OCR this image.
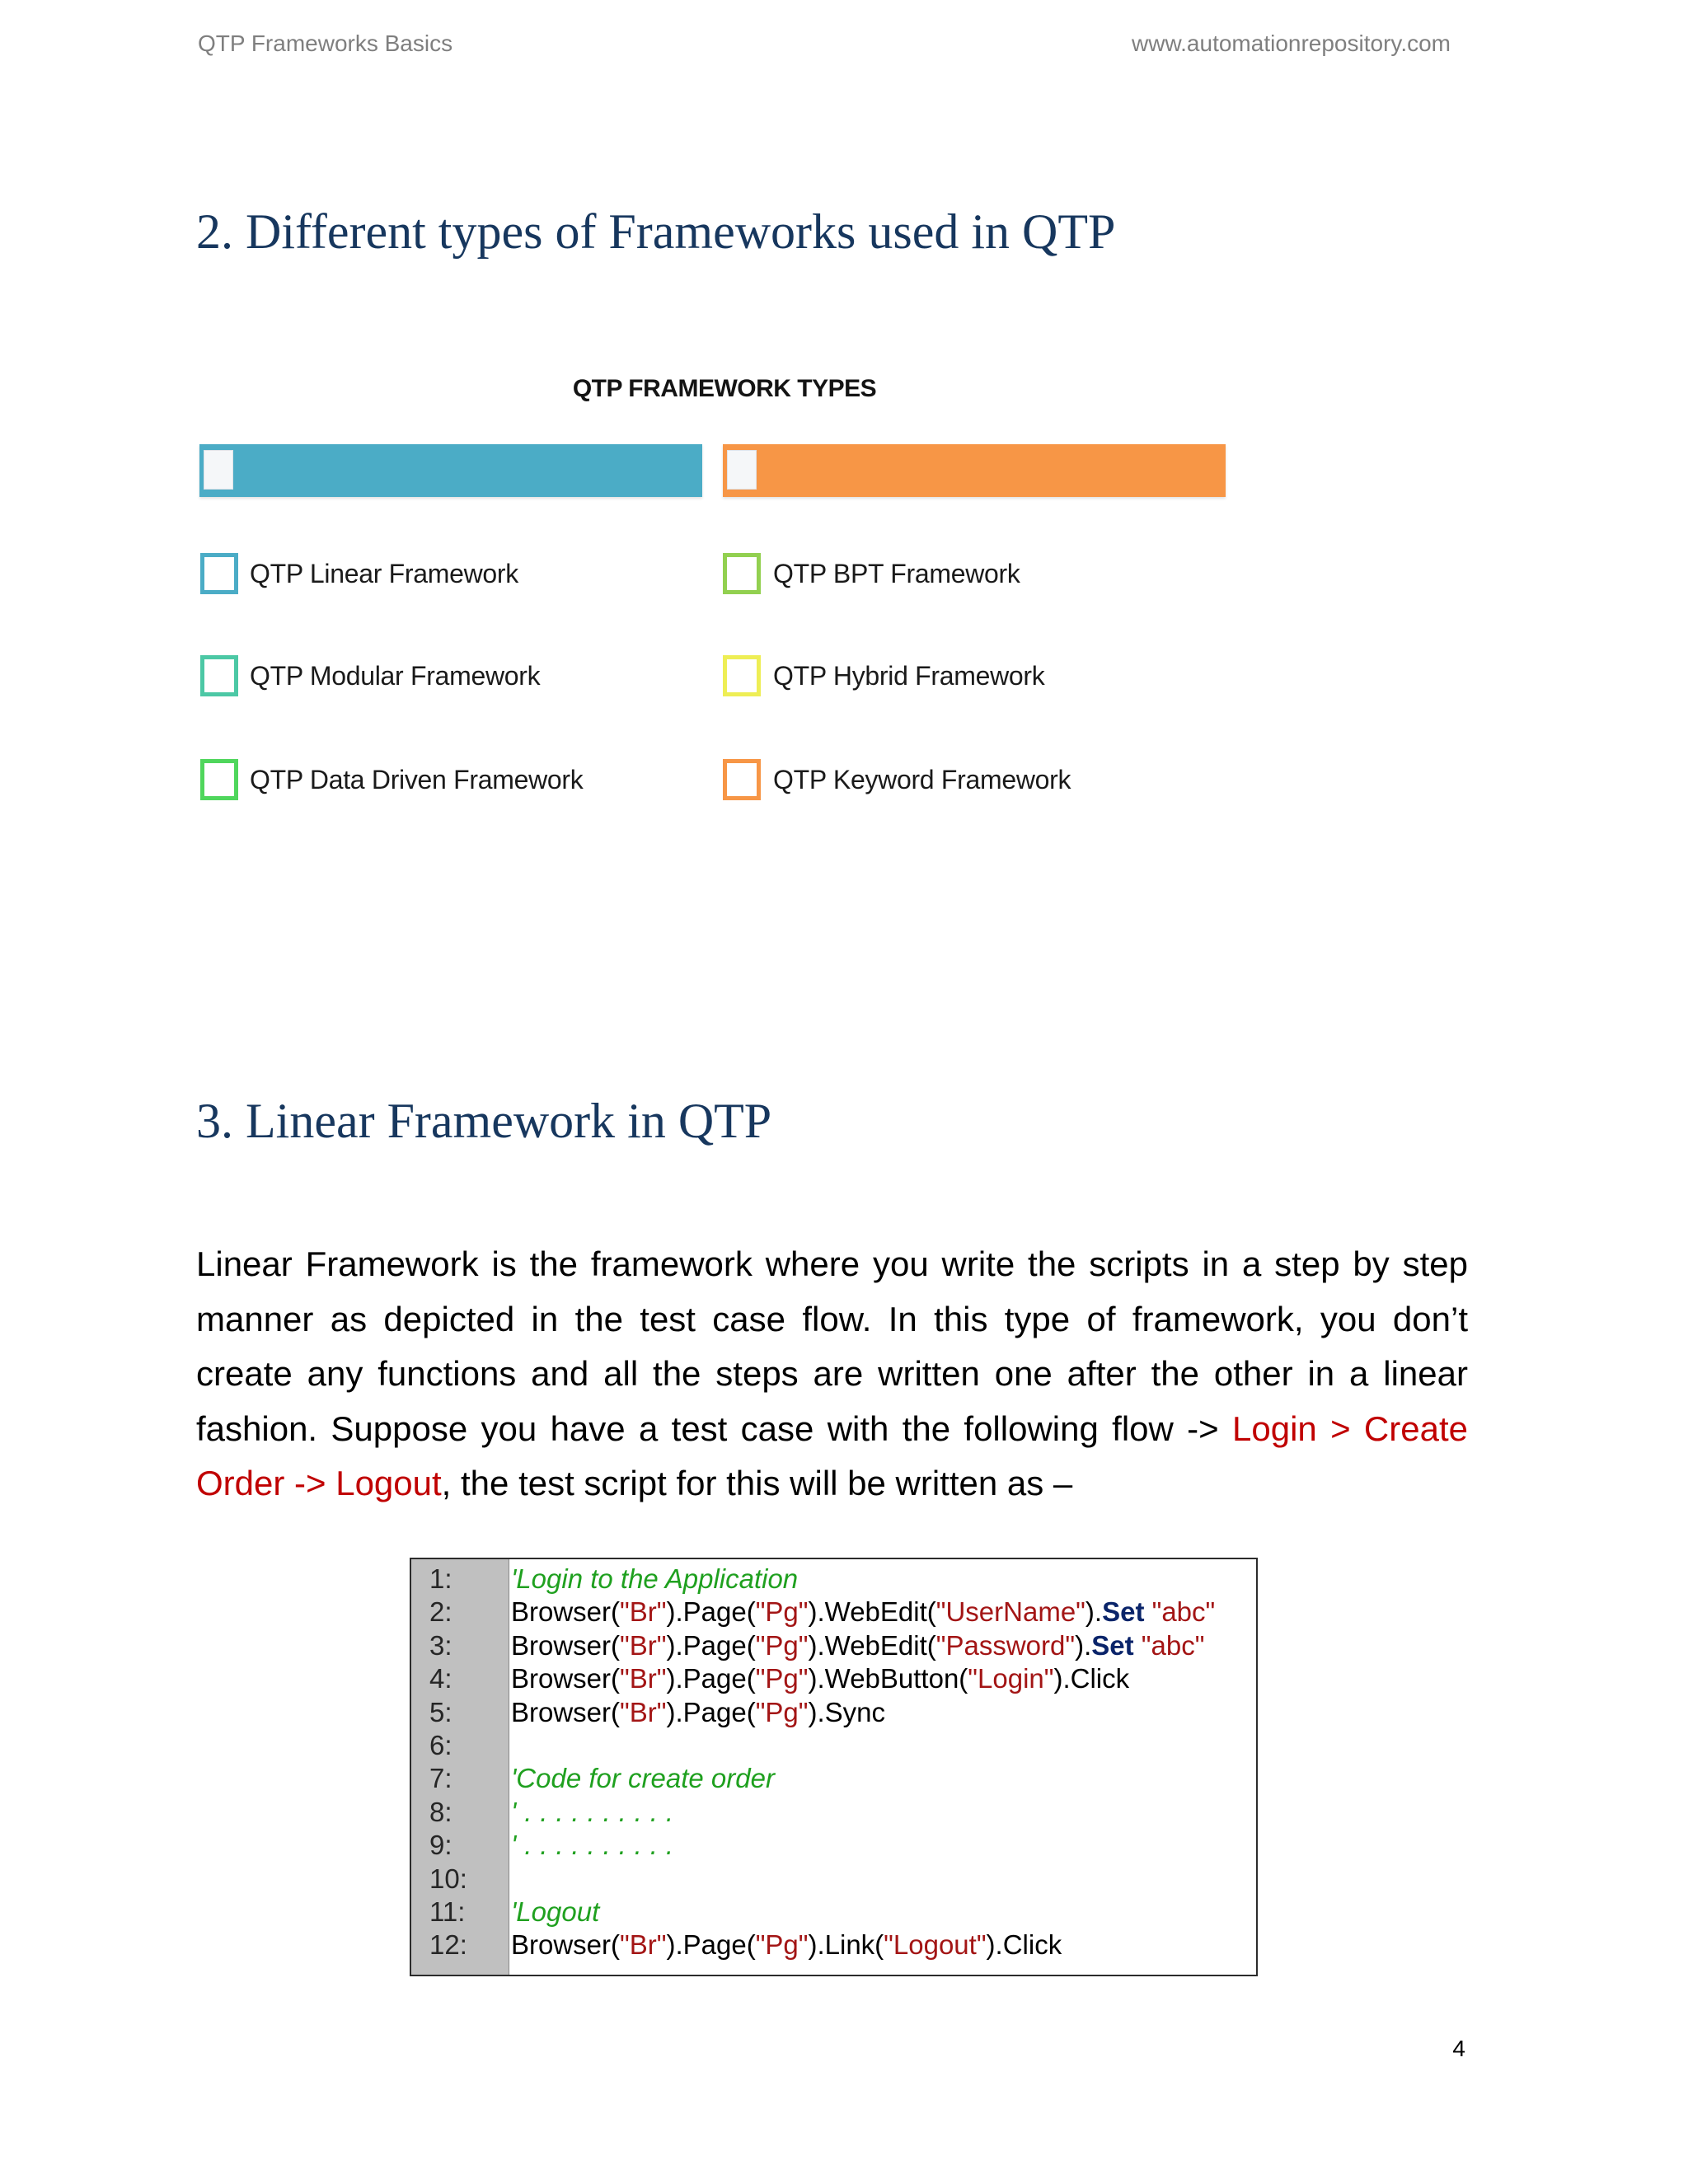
QTP Frameworks Basics	www.automationrepository.com
2. Different types of Frameworks used in QTP
QTP FRAMEWORK TYPES
QTP Linear Framework
QTP Modular Framework
QTP Data Driven Framework
QTP BPT Framework
QTP Hybrid Framework
QTP Keyword Framework
3. Linear Framework in QTP
Linear Framework is the framework where you write the scripts in a step by step
manner as depicted in the test case flow. In this type of framework, you don’t
create any functions and all the steps are written one after the other in a linear
fashion. Suppose you have a test case with the following flow -> Login > Create
Order -> Logout, the test script for this will be written as –
1: 'Login to the Application
2: Browser("Br").Page("Pg").WebEdit("UserName").Set "abc"
3: Browser("Br").Page("Pg").WebEdit("Password").Set "abc"
4: Browser("Br").Page("Pg").WebButton("Login").Click
5: Browser("Br").Page("Pg").Sync
6:
7: 'Code for create order
8: '..........
9: '..........
10:
11: 'Logout
12: Browser("Br").Page("Pg").Link("Logout").Click
4
